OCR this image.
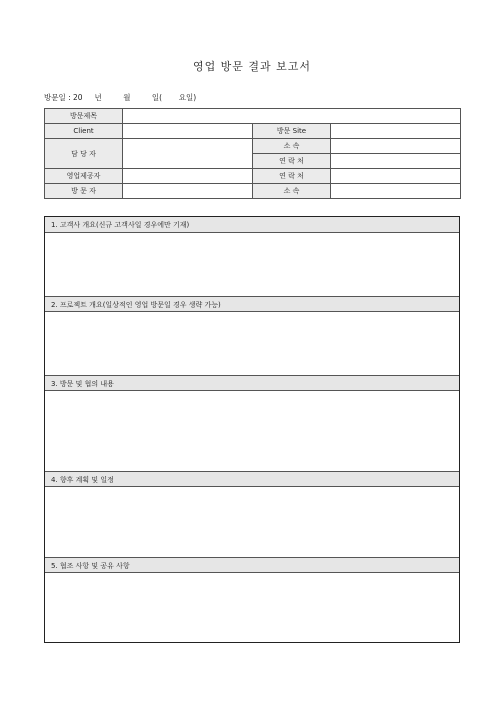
영업 방문 결과 보고서
방문일 : 20     년         월         일(       요일)
방문제목			
Client		방문 Site	
담 당 자		소 속	
		연 락 처	
영업제공자		연 락 처	
방 문 자		소 속	
1. 고객사 개요(신규 고객사일 경우에만 기재)
2. 프로젝트 개요(일상적인 영업 방문일 경우 생략 가능)
3. 방문 및 협의 내용
4. 향후 계획 및 일정
5. 협조 사항 및 공유 사항
